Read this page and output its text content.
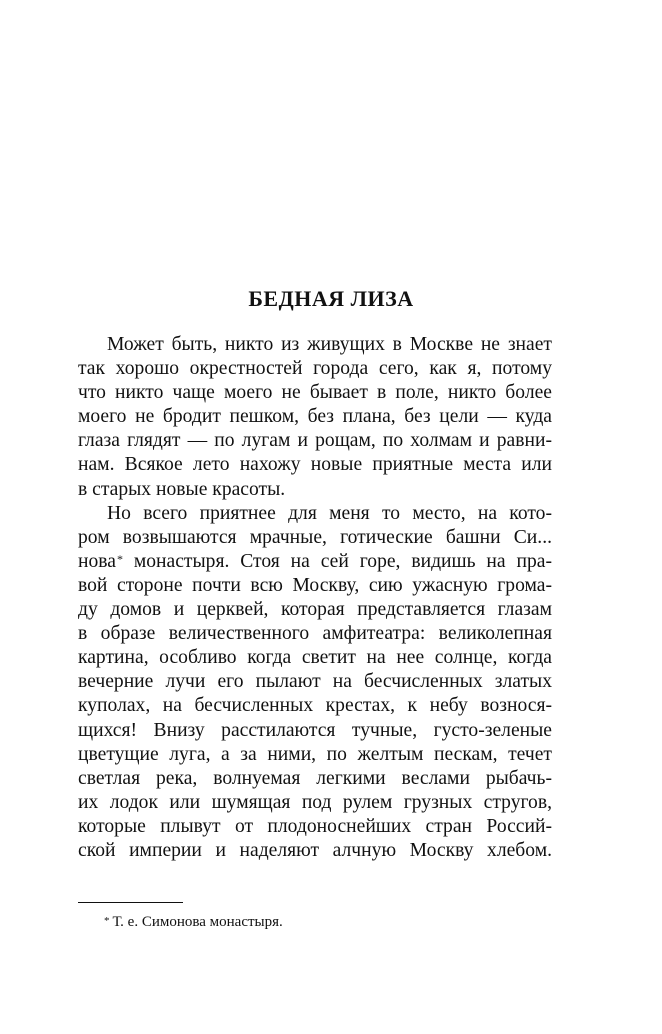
БЕДНАЯ ЛИЗА
Может быть, никто из живущих в Москве не знает
так хорошо окрестностей города сего, как я, потому
что никто чаще моего не бывает в поле, никто более
моего не бродит пешком, без плана, без цели — куда
глаза глядят — по лугам и рощам, по холмам и равни-
нам. Всякое лето нахожу новые приятные места или
в старых новые красоты.
Но всего приятнее для меня то место, на кото-
ром возвышаются мрачные, готические башни Си...
нова* монастыря. Стоя на сей горе, видишь на пра-
вой стороне почти всю Москву, сию ужасную грома-
ду домов и церквей, которая представляется глазам
в образе величественного амфитеатра: великолепная
картина, особливо когда светит на нее солнце, когда
вечерние лучи его пылают на бесчисленных златых
куполах, на бесчисленных крестах, к небу вознося-
щихся! Внизу расстилаются тучные, густо-зеленые
цветущие луга, а за ними, по желтым пескам, течет
светлая река, волнуемая легкими веслами рыбачь-
их лодок или шумящая под рулем грузных стругов,
которые плывут от плодоноснейших стран Россий-
ской империи и наделяют алчную Москву хлебом.
* Т. е. Симонова монастыря.
